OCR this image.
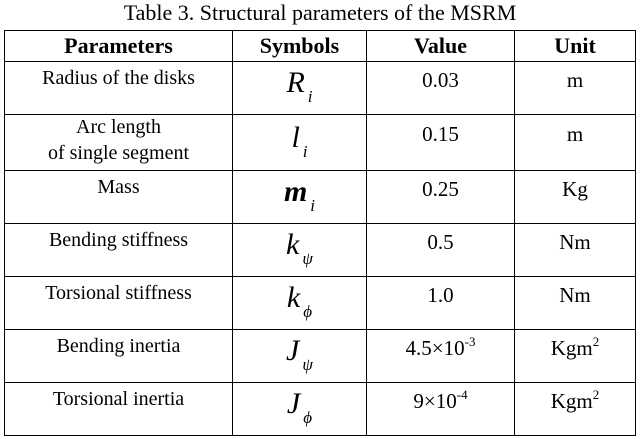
Table 3. Structural parameters of the MSRM
Parameters	Symbols	Value	Unit

Radius of the disks	R $_i$	0.03	m

Arc length
of single segment	l $_i$	0.15	m

Mass	m $_i$	0.25	Kg

Bending stiffness	k $_\psi$	0.5	Nm

Torsional stiffness	k $_\phi$	1.0	Nm

Bending inertia	J $_\psi$	$4.5\times 10^{-3}$	Kgm$^2$

Torsional inertia	J $_\phi$	$9\times 10^{-4}$	Kgm$^2$
